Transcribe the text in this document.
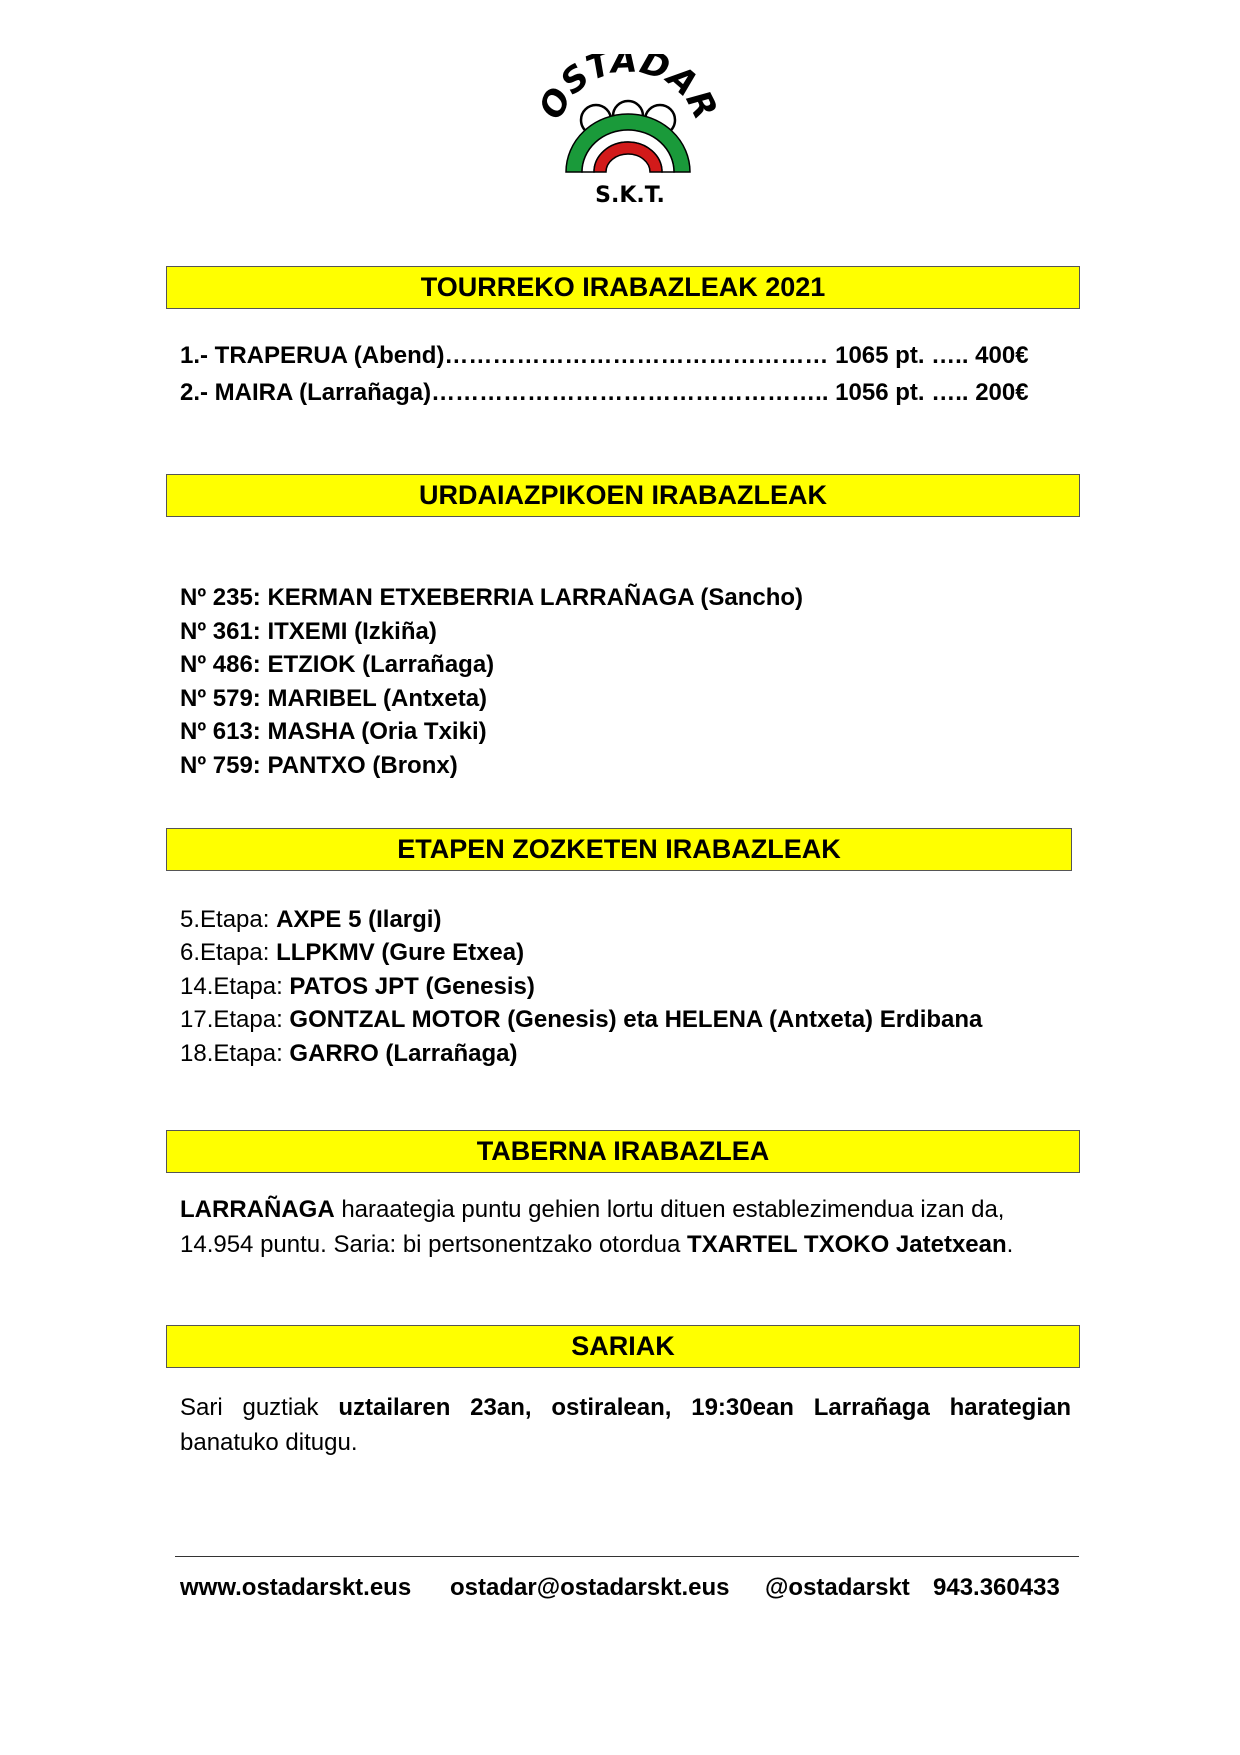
STADA
S.K.T.
TOURREKO IRABAZLEAK 2021
1.- TRAPERUA (Abend)………………………………………… 1065 pt. ….. 400€
2.- MAIRA (Larrañaga)………………………………………….. 1056 pt. ….. 200€
URDAIAZPIKOEN IRABAZLEAK
Nº 235: KERMAN ETXEBERRIA LARRAÑAGA (Sancho)
Nº 361: ITXEMI (Izkiña)
Nº 486: ETZIOK (Larrañaga)
Nº 579: MARIBEL (Antxeta)
Nº 613: MASHA (Oria Txiki)
Nº 759: PANTXO (Bronx)
ETAPEN ZOZKETEN IRABAZLEAK
5.Etapa: AXPE 5 (Ilargi)
6.Etapa: LLPKMV (Gure Etxea)
14.Etapa: PATOS JPT (Genesis)
17.Etapa: GONTZAL MOTOR (Genesis) eta HELENA (Antxeta) Erdibana
18.Etapa: GARRO (Larrañaga)
TABERNA IRABAZLEA
LARRAÑAGA haraategia puntu gehien lortu dituen establezimendua izan da,
14.954 puntu. Saria: bi pertsonentzako otordua TXARTEL TXOKO Jatetxean.
SARIAK
Sari guztiak uztailaren 23an, ostiralean, 19:30ean Larrañaga harategian banatuko ditugu.
www.ostadarskt.eus ostadar@ostadarskt.eus @ostadarskt 943.360433
